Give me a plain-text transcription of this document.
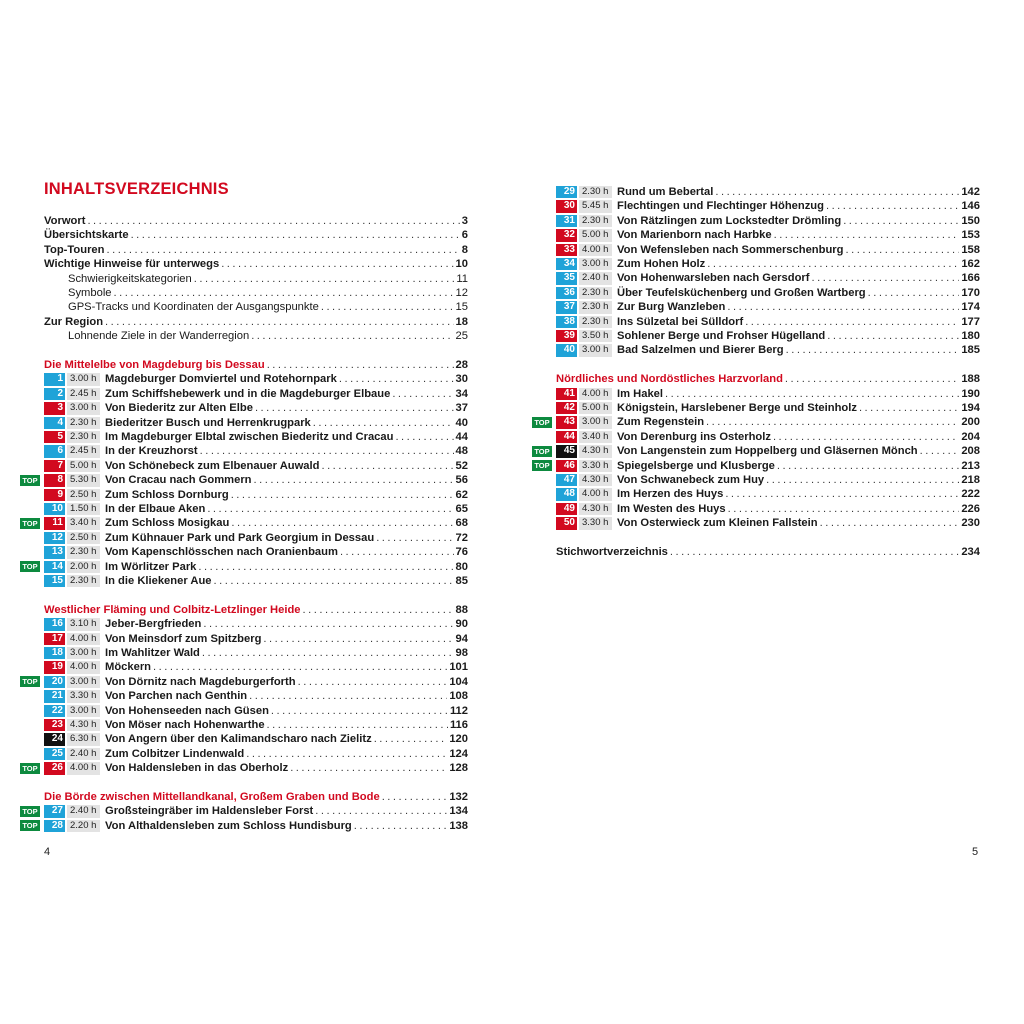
INHALTSVERZEICHNIS
4	5
Vorwort .....	3
Übersichtskarte .....	6
Top-Touren .....	8
Wichtige Hinweise für unterwegs .....	10
Schwierigkeitskategorien .....	11
Symbole .....	12
GPS-Tracks und Koordinaten der Ausgangspunkte .....	15
Zur Region .....	18
Lohnende Ziele in der Wanderregion .....	25
Die Mittelelbe von Magdeburg bis Dessau .....	28
1 3.00 h Magdeburger Domviertel und Rotehornpark .....	30
2 2.45 h Zum Schiffshebewerk und in die Magdeburger Elbaue .....	34
3 3.00 h Von Biederitz zur Alten Elbe .....	37
4 2.30 h Biederitzer Busch und Herrenkrugpark .....	40
5 2.30 h Im Magdeburger Elbtal zwischen Biederitz und Cracau .....	44
6 2.45 h In der Kreuzhorst .....	48
7 5.00 h Von Schönebeck zum Elbenauer Auwald .....	52
TOP	8 5.30 h Von Cracau nach Gommern .....	56
9 2.50 h Zum Schloss Dornburg .....	62
10 1.50 h In der Elbaue Aken .....	65
TOP	11 3.40 h Zum Schloss Mosigkau .....	68
12 2.50 h Zum Kühnauer Park und Park Georgium in Dessau .....	72
13 2.30 h Vom Kapenschlösschen nach Oranienbaum .....	76
TOP	14 2.00 h Im Wörlitzer Park .....	80
15 2.30 h In die Kliekener Aue .....	85
Westlicher Fläming und Colbitz-Letzlinger Heide .....	88
16 3.10 h Jeber-Bergfrieden .....	90
17 4.00 h Von Meinsdorf zum Spitzberg .....	94
18 3.00 h Im Wahlitzer Wald .....	98
19 4.00 h Möckern .....	101
TOP	20 3.00 h Von Dörnitz nach Magdeburgerforth .....	104
21 3.30 h Von Parchen nach Genthin .....	108
22 3.00 h Von Hohenseeden nach Güsen .....	112
23 4.30 h Von Möser nach Hohenwarthe .....	116
24 6.30 h Von Angern über den Kalimandscharo nach Zielitz .....	120
25 2.40 h Zum Colbitzer Lindenwald .....	124
TOP	26 4.00 h Von Haldensleben in das Oberholz .....	128
Die Börde zwischen Mittellandkanal, Großem Graben und Bode .....	132
TOP	27 2.40 h Großsteingräber im Haldensleber Forst .....	134
TOP	28 2.20 h Von Althaldensleben zum Schloss Hundisburg .....	138
29 2.30 h Rund um Bebertal .....	142
30 5.45 h Flechtingen und Flechtinger Höhenzug .....	146
31 2.30 h Von Rätzlingen zum Lockstedter Drömling .....	150
32 5.00 h Von Marienborn nach Harbke .....	153
33 4.00 h Von Wefensleben nach Sommerschenburg .....	158
34 3.00 h Zum Hohen Holz .....	162
35 2.40 h Von Hohenwarsleben nach Gersdorf .....	166
36 2.30 h Über Teufelsküchenberg und Großen Wartberg .....	170
37 2.30 h Zur Burg Wanzleben .....	174
38 2.30 h Ins Sülzetal bei Sülldorf .....	177
39 3.50 h Sohlener Berge und Frohser Hügelland .....	180
40 3.00 h Bad Salzelmen und Bierer Berg .....	185
Nördliches und Nordöstliches Harzvorland .....	188
41 4.00 h Im Hakel .....	190
42 5.00 h Königstein, Harslebener Berge und Steinholz .....	194
TOP	43 3.00 h Zum Regenstein .....	200
44 3.40 h Von Derenburg ins Osterholz .....	204
TOP	45 4.30 h Von Langenstein zum Hoppelberg und Gläsernen Mönch .....	208
TOP	46 3.30 h Spiegelsberge und Klusberge .....	213
47 4.30 h Von Schwanebeck zum Huy .....	218
48 4.00 h Im Herzen des Huys .....	222
49 4.30 h Im Westen des Huys .....	226
50 3.30 h Von Osterwieck zum Kleinen Fallstein .....	230
Stichwortverzeichnis .....	234
